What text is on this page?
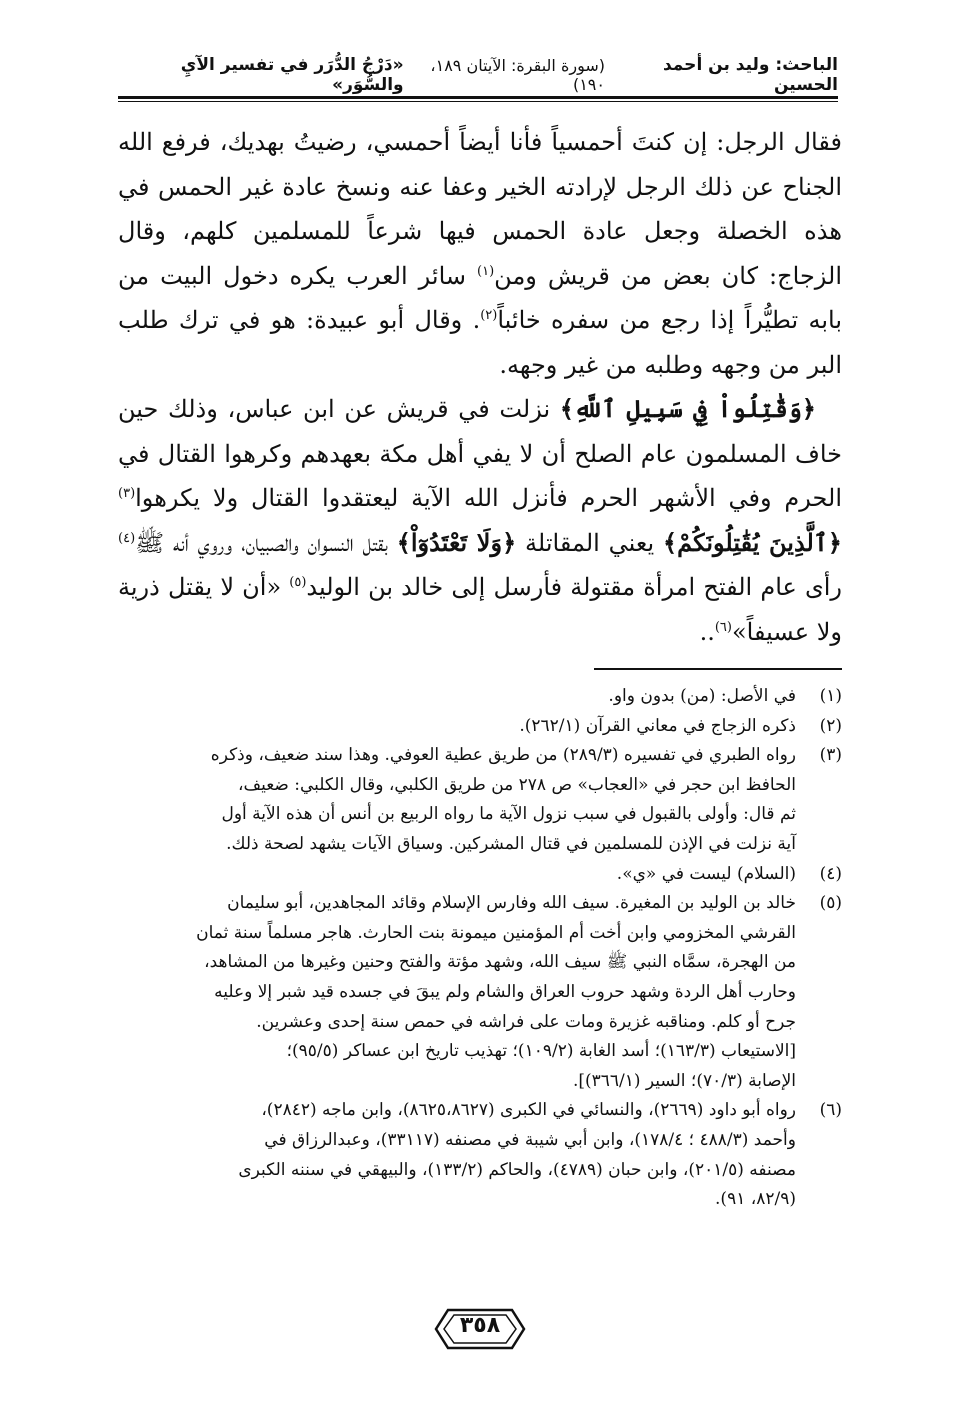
الباحث: وليد بن أحمد الحسين
(سورة البقرة: الآيتان ١٨٩، ١٩٠)
«دَرْجُ الدُّرَر في تفسير الآيِ والسُّوَر»

فقال الرجل: إن كنتَ أحمسياً فأنا أيضاً أحمسي، رضيتُ بهديك، فرفع الله الجناح عن ذلك الرجل لإرادته الخير وعفا عنه ونسخ عادة غير الحمس في هذه الخصلة وجعل عادة الحمس فيها شرعاً للمسلمين كلهم، وقال الزجاج: كان بعض من قريش ومن$^{(١)}$ سائر العرب يكره دخول البيت من بابه تطيُّراً إذا رجع من سفره خائباً$^{(٢)}$. وقال أبو عبيدة: هو في ترك طلب البر من وجهه وطلبه من غير وجهه.

﴿وَقَٰتِلُواْ فِي سَبِيلِ ٱللَّهِ﴾ نزلت في قريش عن ابن عباس، وذلك حين خاف المسلمون عام الصلح أن لا يفي أهل مكة بعهدهم وكرهوا القتال في الحرم وفي الأشهر الحرم فأنزل الله الآية ليعتقدوا القتال ولا يكرهوا$^{(٣)}$ ﴿ٱلَّذِينَ يُقَٰتِلُونَكُمْ﴾ يعني المقاتلة ﴿وَلَا تَعْتَدُوٓاْ﴾ بقتل النسوان والصبيان، وروي أنه ﷺ$^{(٤)}$ رأى عام الفتح امرأة مقتولة فأرسل إلى خالد بن الوليد$^{(٥)}$ «أن لا يقتل ذرية ولا عسيفاً»$^{(٦)}$..

(١)
في الأصل: (من) بدون واو.
(٢)
ذكره الزجاج في معاني القرآن (٢٦٢/١).
(٣)
رواه الطبري في تفسيره (٢٨٩/٣) من طريق عطية العوفي. وهذا سند ضعيف، وذكره
الحافظ ابن حجر في «العجاب» ص ٢٧٨ من طريق الكلبي، وقال الكلبي: ضعيف،
ثم قال: وأولى بالقبول في سبب نزول الآية ما رواه الربيع بن أنس أن هذه الآية أول
آية نزلت في الإذن للمسلمين في قتال المشركين. وسياق الآيات يشهد لصحة ذلك.
(٤)
(السلام) ليست في «ي».
(٥)
خالد بن الوليد بن المغيرة. سيف الله وفارس الإسلام وقائد المجاهدين، أبو سليمان
القرشي المخزومي وابن أخت أم المؤمنين ميمونة بنت الحارث. هاجر مسلماً سنة ثمان
من الهجرة، سمَّاه النبي ﷺ سيف الله، وشهد مؤتة والفتح وحنين وغيرها من المشاهد،
وحارب أهل الردة وشهد حروب العراق والشام ولم يبقَ في جسده قيد شبر إلا وعليه
جرح أو كلم. ومناقبه غزيرة ومات على فراشه في حمص سنة إحدى وعشرين.
[الاستيعاب (١٦٣/٣)؛ أسد الغابة (١٠٩/٢)؛ تهذيب تاريخ ابن عساكر (٩٥/٥)؛
الإصابة (٧٠/٣)؛ السير (٣٦٦/١)].
(٦)
رواه أبو داود (٢٦٦٩)، والنسائي في الكبرى (٨٦٢٥،٨٦٢٧)، وابن ماجه (٢٨٤٢)،
وأحمد (٤٨٨/٣ ؛ ١٧٨/٤)، وابن أبي شيبة في مصنفه (٣٣١١٧)، وعبدالرزاق في
مصنفه (٢٠١/٥)، وابن حبان (٤٧٨٩)، والحاكم (١٣٣/٢)، والبيهقي في سننه الكبرى
(٨٢/٩، ٩١).
٣٥٨
